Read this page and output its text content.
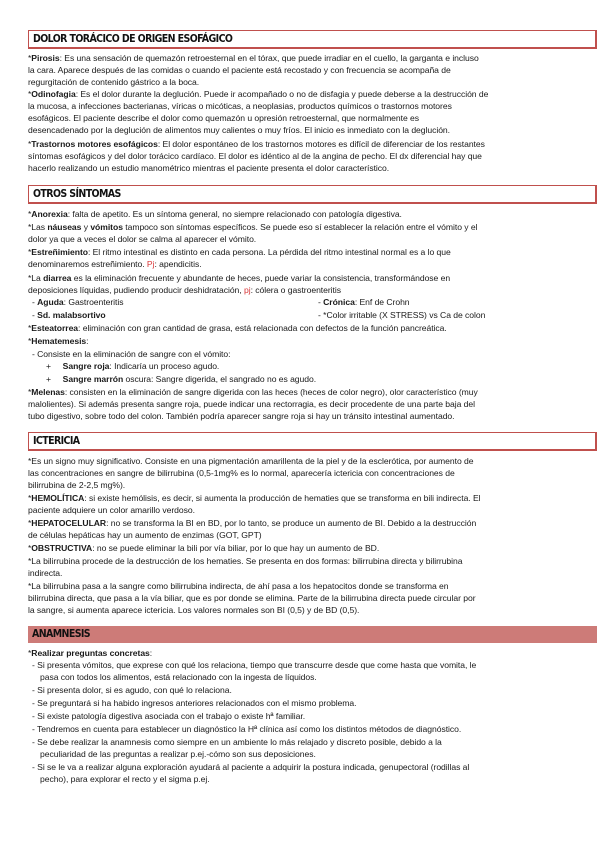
DOLOR TORÁCICO DE ORIGEN ESOFÁGICO

*Pirosis: Es una sensación de quemazón retroesternal en el tórax, que puede irradiar en el cuello, la garganta e incluso

la cara. Aparece después de las comidas o cuando el paciente está recostado y con frecuencia se acompaña de

regurgitación de contenido gástrico a la boca.

*Odinofagia: Es el dolor durante la deglución. Puede ir acompañado o no de disfagia y puede deberse a la destrucción de

la mucosa, a infecciones bacterianas, víricas o micóticas, a neoplasias, productos químicos o trastornos motores

esofágicos. El paciente describe el dolor como quemazón u opresión retroesternal, que normalmente es

desencadenado por la deglución de alimentos muy calientes o muy fríos. El inicio es inmediato con la deglución.

*Trastornos motores esofágicos: El dolor espontáneo de los trastornos motores es difícil de diferenciar de los restantes

síntomas esofágicos y del dolor torácico cardíaco. El dolor es idéntico al de la angina de pecho. El dx diferencial hay que

hacerlo realizando un estudio manométrico mientras el paciente presenta el dolor característico.

OTROS SÍNTOMAS

*Anorexia: falta de apetito. Es un síntoma general, no siempre relacionado con patología digestiva.

*Las náuseas y vómitos tampoco son síntomas específicos. Se puede eso sí establecer la relación entre el vómito y el

dolor ya que a veces el dolor se calma al aparecer el vómito.

*Estreñimiento: El ritmo intestinal es distinto en cada persona. La pérdida del ritmo intestinal normal es a lo que

denominaremos estreñimiento. Pj: apendicitis.

*La diarrea es la eliminación frecuente y abundante de heces, puede variar la consistencia, transformándose en

deposiciones líquidas, pudiendo producir deshidratación, pj: cólera o gastroenteritis

- Aguda: Gastroenteritis	- Crónica: Enf de Crohn

- Sd. malabsortivo	- *Color irritable (X STRESS) vs Ca de colon

*Esteatorrea: eliminación con gran cantidad de grasa, está relacionada con defectos de la función pancreática.

*Hematemesis:

- Consiste en la eliminación de sangre con el vómito:

+     Sangre roja: Indicaría un proceso agudo.

+     Sangre marrón oscura: Sangre digerida, el sangrado no es agudo.

*Melenas: consisten en la eliminación de sangre digerida con las heces (heces de color negro), olor característico (muy

malolientes). Si además presenta sangre roja, puede indicar una rectorragia, es decir procedente de una parte baja del

tubo digestivo, sobre todo del colon. También podría aparecer sangre roja si hay un tránsito intestinal aumentado.

ICTERICIA

*Es un signo muy significativo. Consiste en una pigmentación amarillenta de la piel y de la esclerótica, por aumento de

las concentraciones en sangre de bilirrubina (0,5-1mg% es lo normal, aparecería ictericia con concentraciones de

bilirrubina de 2-2,5 mg%).

*HEMOLÍTICA: si existe hemólisis, es decir, si aumenta la producción de hematies que se transforma en bili indirecta. El

paciente adquiere un color amarillo verdoso.

*HEPATOCELULAR: no se transforma la BI en BD, por lo tanto, se produce un aumento de BI. Debido a la destrucción

de células hepáticas hay un aumento de enzimas (GOT, GPT)

*OBSTRUCTIVA: no se puede eliminar la bili por vía biliar, por lo que hay un aumento de BD.

*La bilirrubina procede de la destrucción de los hematies. Se presenta en dos formas: bilirrubina directa y bilirrubina

indirecta.

*La bilirrubina pasa a la sangre como bilirrubina indirecta, de ahí pasa a los hepatocitos donde se transforma en

bilirrubina directa, que pasa a la vía biliar, que es por donde se elimina. Parte de la bilirrubina directa puede circular por

la sangre, si aumenta aparece ictericia. Los valores normales son BI (0,5) y de BD (0,5).

ANAMNESIS

*Realizar preguntas concretas:

- Si presenta vómitos, que exprese con qué los relaciona, tiempo que transcurre desde que come hasta que vomita, le

pasa con todos los alimentos, está relacionado con la ingesta de líquidos.

- Si presenta dolor, si es agudo, con qué lo relaciona.

- Se preguntará si ha habido ingresos anteriores relacionados con el mismo problema.

- Si existe patología digestiva asociada con el trabajo o existe hª familiar.

- Tendremos en cuenta para establecer un diagnóstico la Hª clínica así como los distintos métodos de diagnóstico.

- Se debe realizar la anamnesis como siempre en un ambiente lo más relajado y discreto posible, debido a la

peculiaridad de las preguntas a realizar p.ej.-cómo son sus deposiciones.

- Si se le va a realizar alguna exploración ayudará al paciente a adquirir la postura indicada, genupectoral (rodillas al

pecho), para explorar el recto y el sigma p.ej.
